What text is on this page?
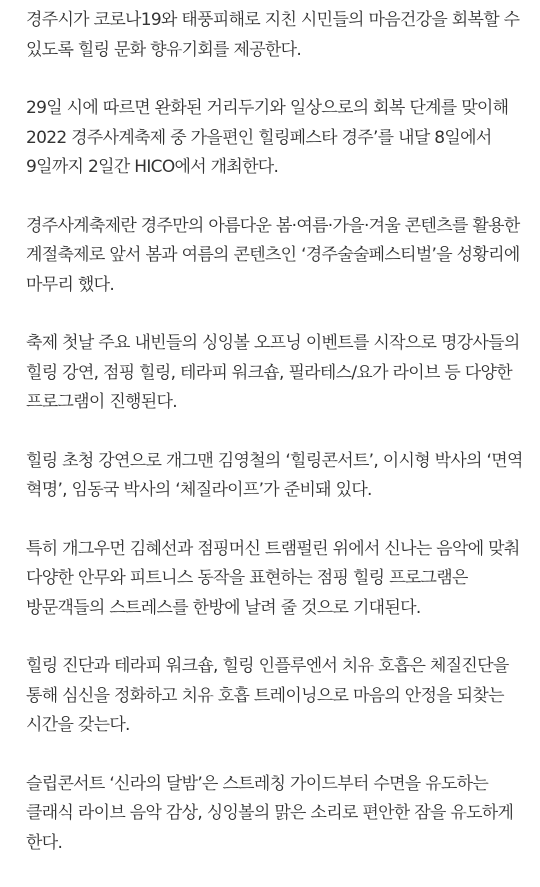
경주시가 코로나19와 태풍피해로 지친 시민들의 마음건강을 회복할 수 있도록 힐링 문화 향유기회를 제공한다.

29일 시에 따르면 완화된 거리두기와 일상으로의 회복 단계를 맞이해 2022 경주사계축제 중 가을편인 힐링페스타 경주’를 내달 8일에서 9일까지 2일간 HICO에서 개최한다.

경주사계축제란 경주만의 아름다운 봄·여름·가을·겨울 콘텐츠를 활용한 계절축제로 앞서 봄과 여름의 콘텐츠인 ‘경주술술페스티벌’을 성황리에 마무리 했다.

축제 첫날 주요 내빈들의 싱잉볼 오프닝 이벤트를 시작으로 명강사들의 힐링 강연, 점핑 힐링, 테라피 워크숍, 필라테스/요가 라이브 등 다양한 프로그램이 진행된다.

힐링 초청 강연으로 개그맨 김영철의 ‘힐링콘서트’, 이시형 박사의 ‘면역 혁명’, 임동국 박사의 ‘체질라이프’가 준비돼 있다.

특히 개그우먼 김혜선과 점핑머신 트램펄린 위에서 신나는 음악에 맞춰 다양한 안무와 피트니스 동작을 표현하는 점핑 힐링 프로그램은 방문객들의 스트레스를 한방에 날려 줄 것으로 기대된다.

힐링 진단과 테라피 워크숍, 힐링 인플루엔서 치유 호흡은 체질진단을 통해 심신을 정화하고 치유 호흡 트레이닝으로 마음의 안정을 되찾는 시간을 갖는다.

슬립콘서트 ‘신라의 달밤’은 스트레칭 가이드부터 수면을 유도하는 클래식 라이브 음악 감상, 싱잉볼의 맑은 소리로 편안한 잠을 유도하게 한다.
